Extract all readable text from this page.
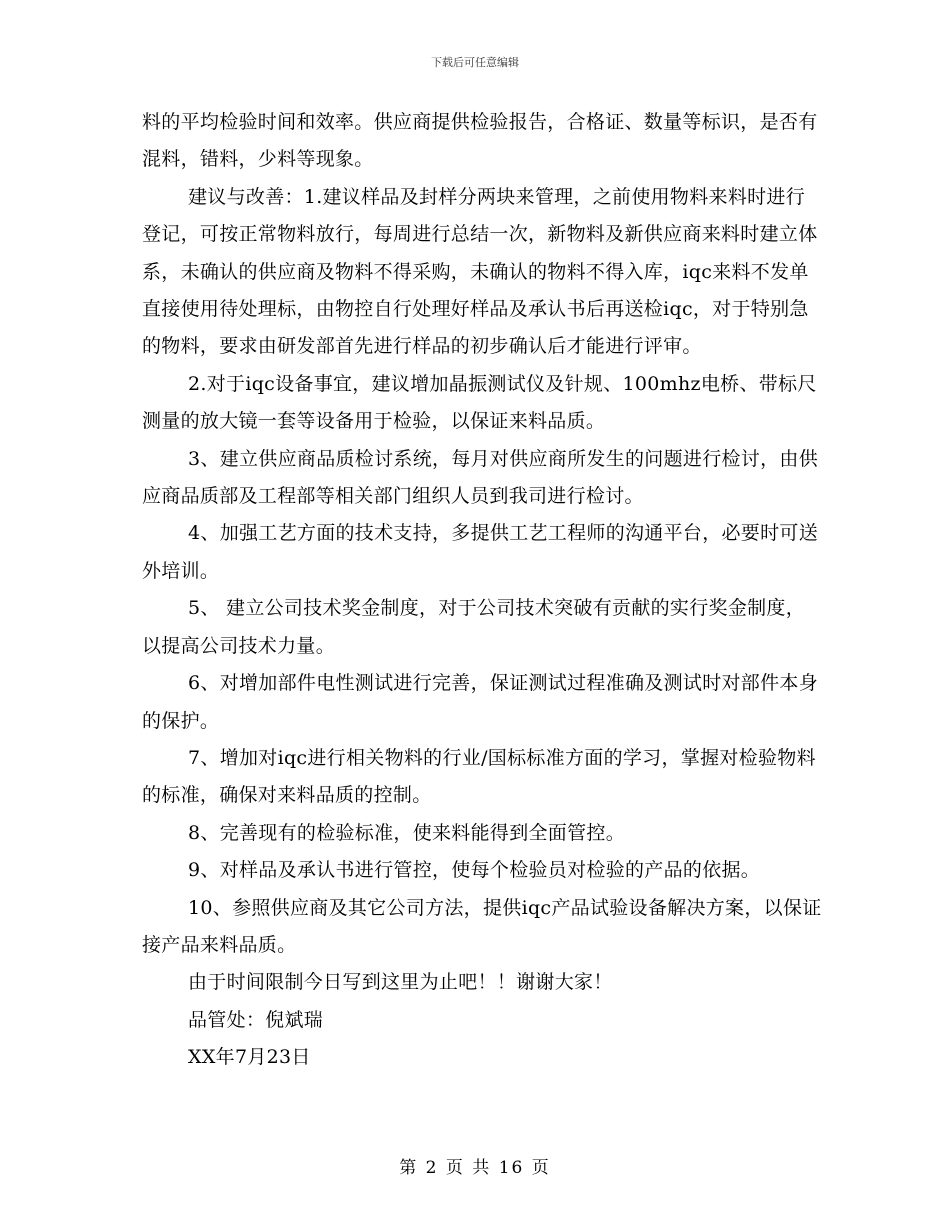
下载后可任意编辑

料的平均检验时间和效率。供应商提供检验报告，合格证、数量等标识，是否有混料，错料，少料等现象。

建议与改善：1.建议样品及封样分两块来管理，之前使用物料来料时进行登记，可按正常物料放行，每周进行总结一次，新物料及新供应商来料时建立体系，未确认的供应商及物料不得采购，未确认的物料不得入库，iqc来料不发单直接使用待处理标，由物控自行处理好样品及承认书后再送检iqc，对于特别急的物料，要求由研发部首先进行样品的初步确认后才能进行评审。

2.对于iqc设备事宜，建议增加晶振测试仪及针规、100mhz电桥、带标尺测量的放大镜一套等设备用于检验，以保证来料品质。

3、建立供应商品质检讨系统，每月对供应商所发生的问题进行检讨，由供应商品质部及工程部等相关部门组织人员到我司进行检讨。

4、加强工艺方面的技术支持，多提供工艺工程师的沟通平台，必要时可送外培训。

5、 建立公司技术奖金制度，对于公司技术突破有贡献的实行奖金制度，以提高公司技术力量。

6、对增加部件电性测试进行完善，保证测试过程准确及测试时对部件本身的保护。

7、增加对iqc进行相关物料的行业/国标标准方面的学习，掌握对检验物料的标准，确保对来料品质的控制。

8、完善现有的检验标准，使来料能得到全面管控。

9、对样品及承认书进行管控，使每个检验员对检验的产品的依据。

10、参照供应商及其它公司方法，提供iqc产品试验设备解决方案，以保证接产品来料品质。

由于时间限制今日写到这里为止吧！！谢谢大家！

品管处：倪斌瑞

XX年7月23日

第 2 页 共 16 页
